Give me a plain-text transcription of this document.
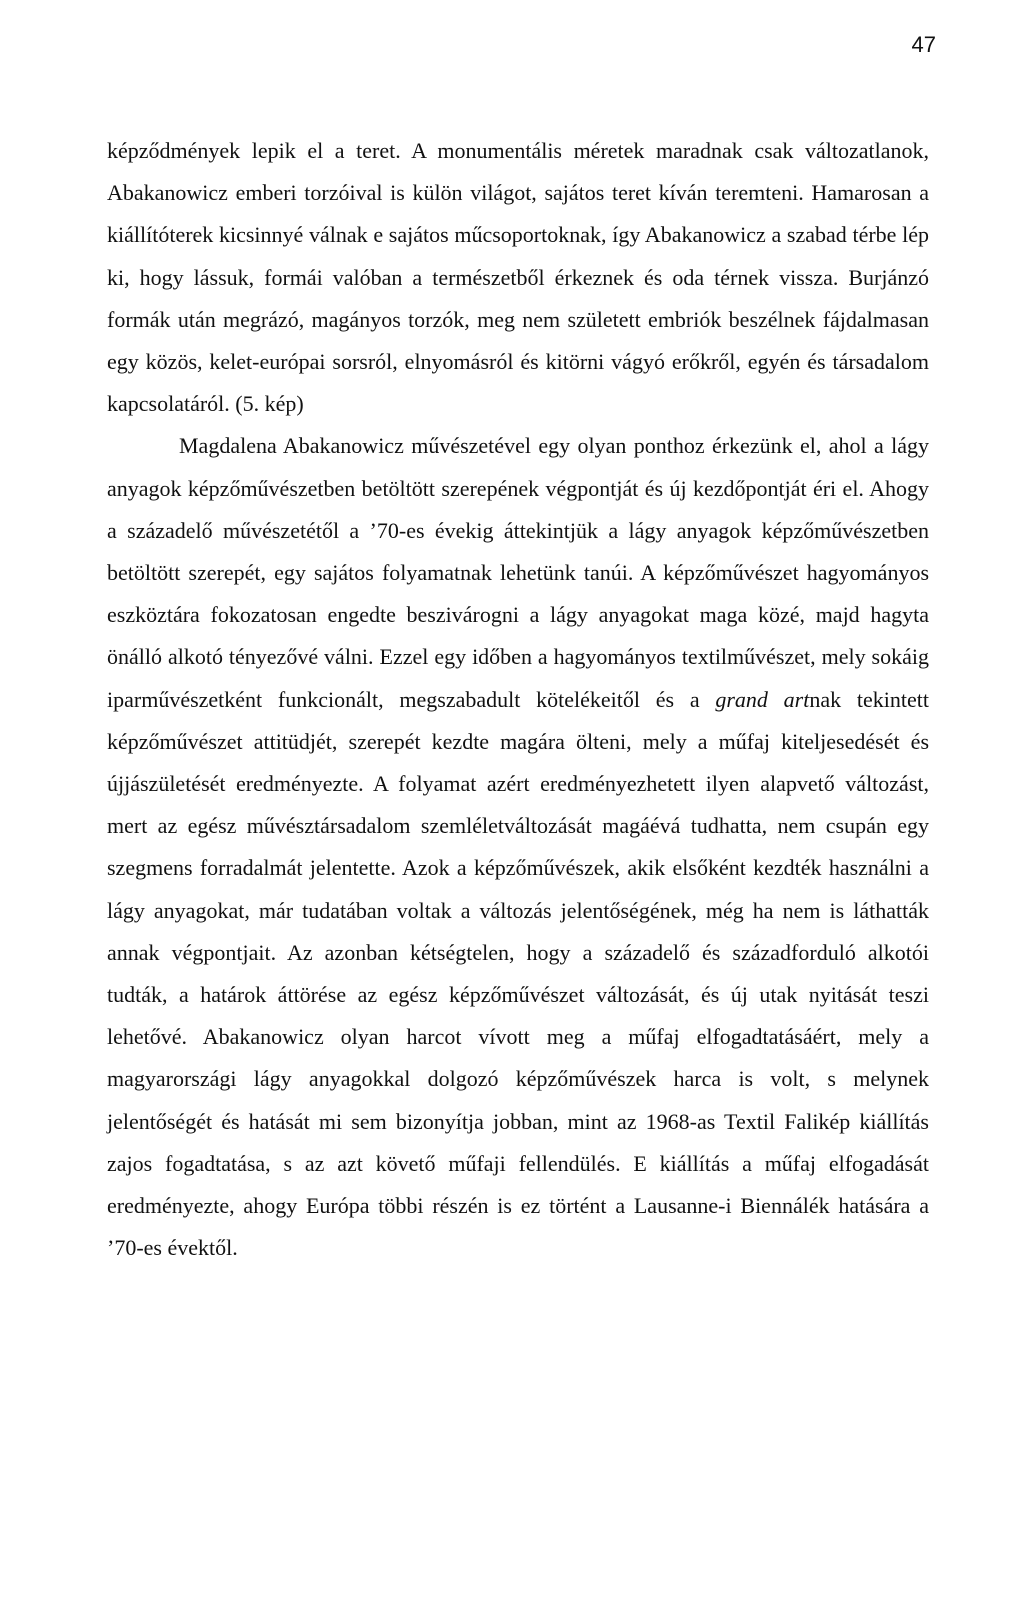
47

képződmények lepik el a teret. A monumentális méretek maradnak csak változatlanok, Abakanowicz emberi torzóival is külön világot, sajátos teret kíván teremteni. Hamarosan a kiállítóterek kicsinnyé válnak e sajátos műcsoportoknak, így Abakanowicz a szabad térbe lép ki, hogy lássuk, formái valóban a természetből érkeznek és oda térnek vissza. Burjánzó formák után megrázó, magányos torzók, meg nem született embriók beszélnek fájdalmasan egy közös, kelet-európai sorsról, elnyomásról és kitörni vágyó erőkről, egyén és társadalom kapcsolatáról. (5. kép)

Magdalena Abakanowicz művészetével egy olyan ponthoz érkezünk el, ahol a lágy anyagok képzőművészetben betöltött szerepének végpontját és új kezdőpontját éri el. Ahogy a századelő művészetétől a ’70-es évekig áttekintjük a lágy anyagok képzőművészetben betöltött szerepét, egy sajátos folyamatnak lehetünk tanúi. A képzőművészet hagyományos eszköztára fokozatosan engedte beszivárogni a lágy anyagokat maga közé, majd hagyta önálló alkotó tényezővé válni. Ezzel egy időben a hagyományos textilművészet, mely sokáig iparművészetként funkcionált, megszabadult kötelékeitől és a grand artnak tekintett képzőművészet attitüdjét, szerepét kezdte magára ölteni, mely a műfaj kiteljesedését és újjászületését eredményezte. A folyamat azért eredményezhetett ilyen alapvető változást, mert az egész művésztársadalom szemléletváltozását magáévá tudhatta, nem csupán egy szegmens forradalmát jelentette. Azok a képzőművészek, akik elsőként kezdték használni a lágy anyagokat, már tudatában voltak a változás jelentőségének, még ha nem is láthatták annak végpontjait. Az azonban kétségtelen, hogy a századelő és századforduló alkotói tudták, a határok áttörése az egész képzőművészet változását, és új utak nyitását teszi lehetővé. Abakanowicz olyan harcot vívott meg a műfaj elfogadtatásáért, mely a magyarországi lágy anyagokkal dolgozó képzőművészek harca is volt, s melynek jelentőségét és hatását mi sem bizonyítja jobban, mint az 1968-as Textil Falikép kiállítás zajos fogadtatása, s az azt követő műfaji fellendülés. E kiállítás a műfaj elfogadását eredményezte, ahogy Európa többi részén is ez történt a Lausanne-i Biennálék hatására a ’70-es évektől.
